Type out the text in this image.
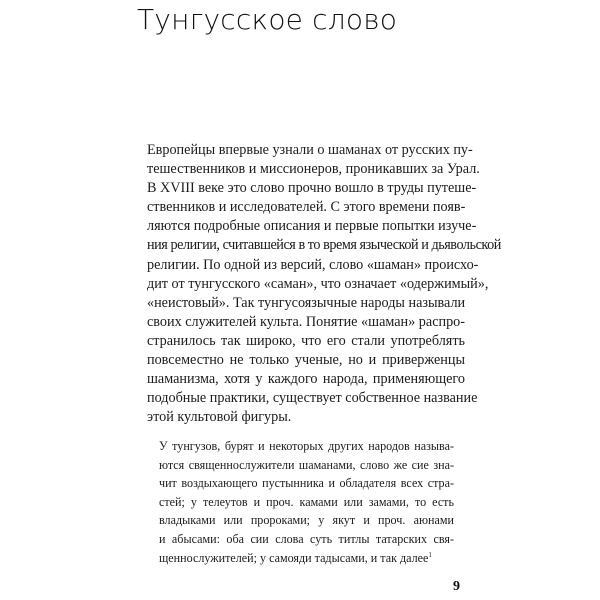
Тунгусское слово
Европейцы впервые узнали о шаманах от русских пу-
тешественников и миссионеров, проникавших за Урал.
В XVIII веке это слово прочно вошло в труды путеше-
ственников и исследователей. С этого времени появ-
ляются подробные описания и первые попытки изуче-
ния религии, считавшейся в то время языческой и дьявольской
религии. По одной из версий, слово «шаман» происхо-
дит от тунгусского «саман», что означает «одержимый»,
«неистовый». Так тунгусоязычные народы называли
своих служителей культа. Понятие «шаман» распро-
странилось так широко, что его стали употреблять
повсеместно не только ученые, но и приверженцы
шаманизма, хотя у каждого народа, применяющего
подобные практики, существует собственное название
этой культовой фигуры.
У тунгузов, бурят и некоторых других народов называ-
ются священнослужители шаманами, слово же сие зна-
чит воздыхающего пустынника и обладателя всех стра-
стей; у телеутов и проч. камами или замами, то есть
владыками или пророками; у якут и проч. аюнами
и абысами: оба сии слова суть титлы татарских свя-
щеннослужителей; у самояди тадысами, и так далее$^1$
9
